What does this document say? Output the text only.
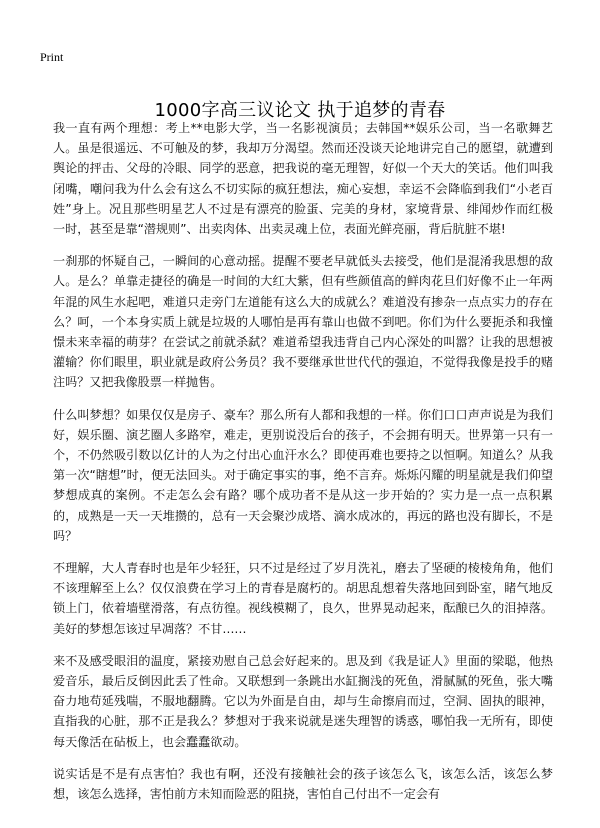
Print
1000字高三议论文 执于追梦的青春

我一直有两个理想：考上**电影大学，当一名影视演员；去韩国**娱乐公司，当一名歌舞艺人。虽是很遥远、不可触及的梦，我却万分渴望。然而还没谈天论地讲完自己的愿望，就遭到舆论的抨击、父母的冷眼、同学的恶意，把我说的毫无理智，好似一个天大的笑话。他们叫我闭嘴，嘲问我为什么会有这么不切实际的疯狂想法，痴心妄想，幸运不会降临到我们“小老百姓”身上。况且那些明星艺人不过是有漂亮的脸蛋、完美的身材，家境背景、绯闻炒作而红极一时，甚至是靠“潜规则”、出卖肉体、出卖灵魂上位，表面光鲜亮丽，背后肮脏不堪!

一刹那的怀疑自己，一瞬间的心意动摇。提醒不要老早就低头去接受，他们是混淆我思想的敌人。是么？单靠走捷径的确是一时间的大红大紫，但有些颜值高的鲜肉花旦们好像不止一年两年混的风生水起吧，难道只走旁门左道能有这么大的成就么？难道没有掺杂一点点实力的存在么？呵，一个本身实质上就是垃圾的人哪怕是再有靠山也做不到吧。你们为什么要扼杀和我憧憬未来幸福的萌芽？在尝试之前就杀弑？难道希望我违背自己内心深处的叫嚣？让我的思想被灌输？你们眼里，职业就是政府公务员？我不要继承世世代代的强迫，不觉得我像是投手的赌注吗？又把我像股票一样抛售。

什么叫梦想？如果仅仅是房子、豪车？那么所有人都和我想的一样。你们口口声声说是为我们好，娱乐圈、演艺圈人多路窄，难走，更别说没后台的孩子，不会拥有明天。世界第一只有一个，不仍然吸引数以亿计的人为之付出心血汗水么？即使再难也要持之以恒啊。知道么？从我第一次“瞎想”时，便无法回头。对于确定事实的事，绝不言弃。烁烁闪耀的明星就是我们仰望梦想成真的案例。不走怎么会有路？哪个成功者不是从这一步开始的？实力是一点一点积累的，成熟是一天一天堆攒的，总有一天会聚沙成塔、滴水成冰的，再远的路也没有脚长，不是吗？

不理解，大人青春时也是年少轻狂，只不过是经过了岁月洗礼，磨去了坚硬的棱棱角角，他们不该理解至上么？仅仅浪费在学习上的青春是腐朽的。胡思乱想着失落地回到卧室，睹气地反锁上门，依着墙壁滑落，有点彷徨。视线模糊了，良久，世界晃动起来，酝酿已久的泪掉落。美好的梦想怎该过早凋落？不甘……

来不及感受眼泪的温度，紧接劝慰自己总会好起来的。思及到《我是证人》里面的梁聪，他热爱音乐，最后反倒因此丢了性命。又联想到一条跳出水缸搁浅的死鱼，滑腻腻的死鱼，张大嘴奋力地苟延残喘，不服地翻腾。它以为外面是自由，却与生命擦肩而过，空洞、固执的眼神，直指我的心脏，那不正是我么？梦想对于我来说就是迷失理智的诱惑，哪怕我一无所有，即使每天像活在砧板上，也会蠢蠢欲动。

说实话是不是有点害怕？我也有啊，还没有接触社会的孩子该怎么飞，该怎么活，该怎么梦想，该怎么选择，害怕前方未知而险恶的阻挠，害怕自己付出不一定会有
